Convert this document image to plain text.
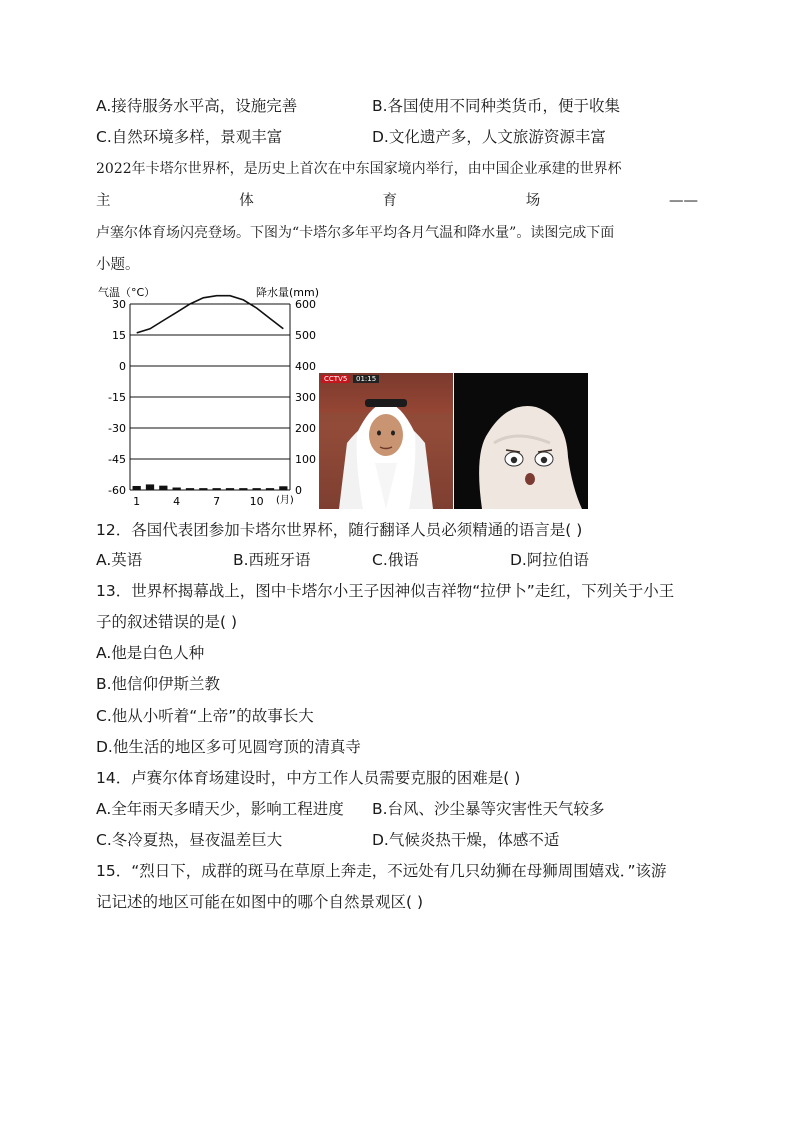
A.接待服务水平高，设施完善	B.各国使用不同种类货币，便于收集
C.自然环境多样，景观丰富	D.文化遗产多，人文旅游资源丰富
2022年卡塔尔世界杯，是历史上首次在中东国家境内举行，由中国企业承建的世界杯
主	体	育	场	——
卢塞尔体育场闪亮登场。下图为“卡塔尔多年平均各月气温和降水量”。读图完成下面
小题。
30	600
15	500
0	400
-15	300
-30	200
-45	100
-60	0
1	4	7	10 (月)
气温（°C）	降水量(mm)
CCTV5	01:15
12．各国代表团参加卡塔尔世界杯，随行翻译人员必须精通的语言是( )
A.英语	B.西班牙语	C.俄语	D.阿拉伯语
13．世界杯揭幕战上，图中卡塔尔小王子因神似吉祥物“拉伊卜”走红，下列关于小王
子的叙述错误的是( )
A.他是白色人种
B.他信仰伊斯兰教
C.他从小听着“上帝”的故事长大
D.他生活的地区多可见圆穹顶的清真寺
14．卢赛尔体育场建设时，中方工作人员需要克服的困难是( )
A.全年雨天多晴天少，影响工程进度 B.台风、沙尘暴等灾害性天气较多
C.冬冷夏热，昼夜温差巨大	D.气候炎热干燥，体感不适
15．“烈日下，成群的斑马在草原上奔走，不远处有几只幼狮在母狮周围嬉戏．”该游
记记述的地区可能在如图中的哪个自然景观区( )
